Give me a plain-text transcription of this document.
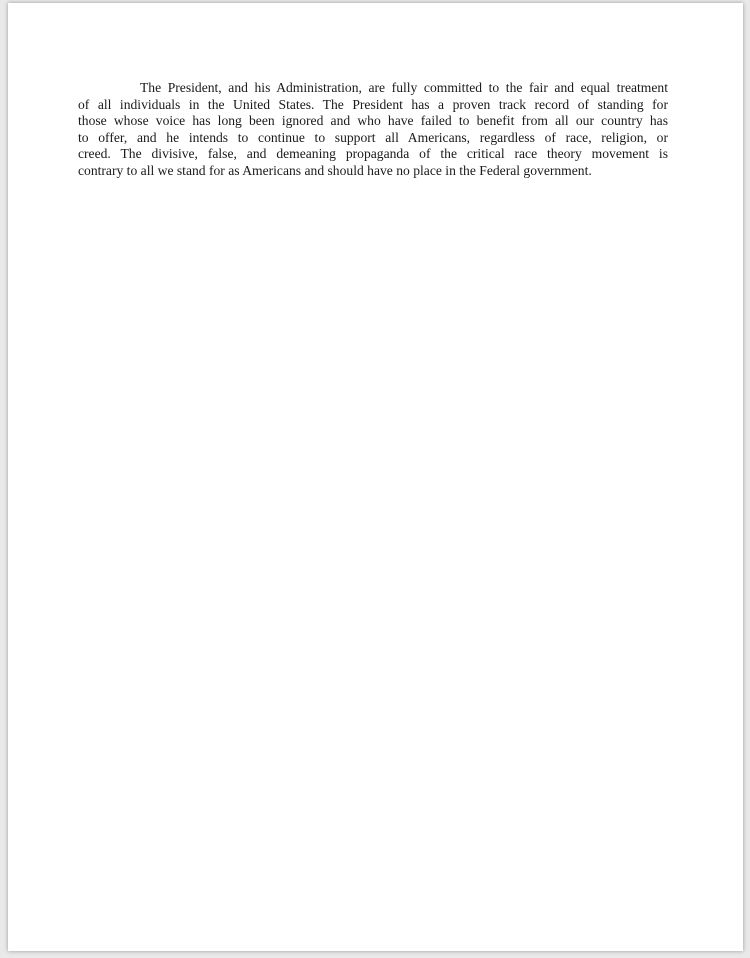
The President, and his Administration, are fully committed to the fair and equal treatment
of all individuals in the United States. The President has a proven track record of standing for
those whose voice has long been ignored and who have failed to benefit from all our country has
to offer, and he intends to continue to support all Americans, regardless of race, religion, or
creed. The divisive, false, and demeaning propaganda of the critical race theory movement is
contrary to all we stand for as Americans and should have no place in the Federal government.
